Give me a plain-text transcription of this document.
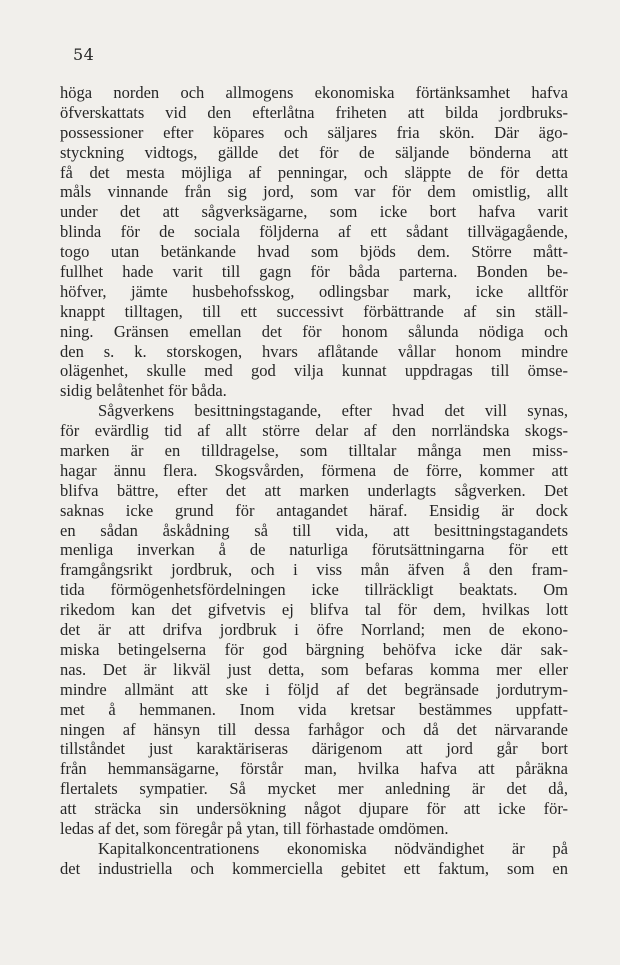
54
höga norden och allmogens ekonomiska förtänksamhet hafva
öfverskattats vid den efterlåtna friheten att bilda jordbruks-
possessioner efter köpares och säljares fria skön. Där ägo-
styckning vidtogs, gällde det för de säljande bönderna att
få det mesta möjliga af penningar, och släppte de för detta
måls vinnande från sig jord, som var för dem omistlig, allt
under det att sågverksägarne, som icke bort hafva varit
blinda för de sociala följderna af ett sådant tillvägagående,
togo utan betänkande hvad som bjöds dem. Större mått-
fullhet hade varit till gagn för båda parterna. Bonden be-
höfver, jämte husbehofsskog, odlingsbar mark, icke alltför
knappt tilltagen, till ett successivt förbättrande af sin ställ-
ning. Gränsen emellan det för honom sålunda nödiga och
den s. k. storskogen, hvars aflåtande vållar honom mindre
olägenhet, skulle med god vilja kunnat uppdragas till ömse-
sidig belåtenhet för båda.
Sågverkens besittningstagande, efter hvad det vill synas,
för evärdlig tid af allt större delar af den norrländska skogs-
marken är en tilldragelse, som tilltalar många men miss-
hagar ännu flera. Skogsvården, förmena de förre, kommer att
blifva bättre, efter det att marken underlagts sågverken. Det
saknas icke grund för antagandet häraf. Ensidig är dock
en sådan åskådning så till vida, att besittningstagandets
menliga inverkan å de naturliga förutsättningarna för ett
framgångsrikt jordbruk, och i viss mån äfven å den fram-
tida förmögenhetsfördelningen icke tillräckligt beaktats. Om
rikedom kan det gifvetvis ej blifva tal för dem, hvilkas lott
det är att drifva jordbruk i öfre Norrland; men de ekono-
miska betingelserna för god bärgning behöfva icke där sak-
nas. Det är likväl just detta, som befaras komma mer eller
mindre allmänt att ske i följd af det begränsade jordutrym-
met å hemmanen. Inom vida kretsar bestämmes uppfatt-
ningen af hänsyn till dessa farhågor och då det närvarande
tillståndet just karaktäriseras därigenom att jord går bort
från hemmansägarne, förstår man, hvilka hafva att påräkna
flertalets sympatier. Så mycket mer anledning är det då,
att sträcka sin undersökning något djupare för att icke för-
ledas af det, som föregår på ytan, till förhastade omdömen.
Kapitalkoncentrationens ekonomiska nödvändighet är på
det industriella och kommerciella gebitet ett faktum, som en
